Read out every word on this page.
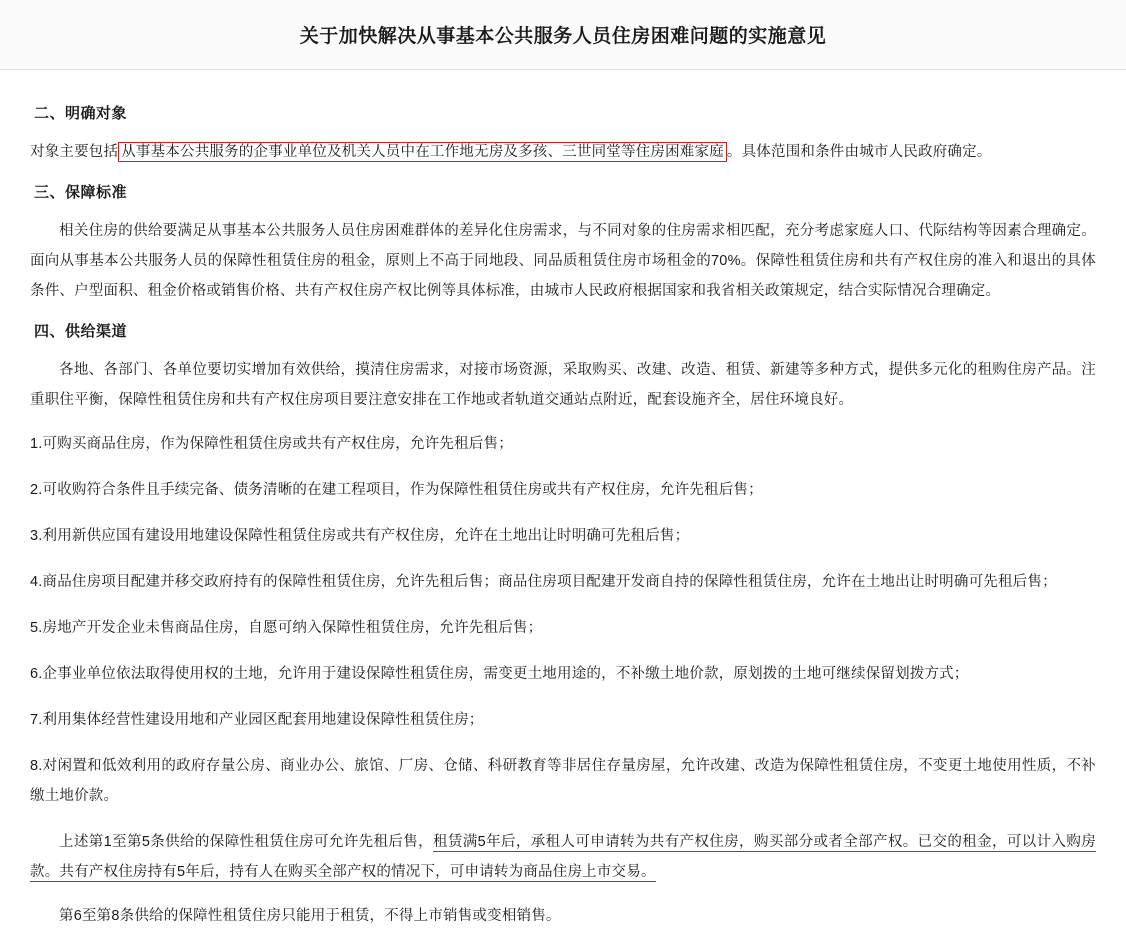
关于加快解决从事基本公共服务人员住房困难问题的实施意见
二、明确对象

对象主要包括 从事基本公共服务的企事业单位及机关人员中在工作地无房及多孩、三世同堂等住房困难家庭 。具体范围和条件由城市人民政府确定。

三、保障标准

相关住房的供给要满足从事基本公共服务人员住房困难群体的差异化住房需求，与不同对象的住房需求相匹配，充分考虑家庭人口、代际结构等因素合理确定。面向从事基本公共服务人员的保障性租赁住房的租金，原则上不高于同地段、同品质租赁住房市场租金的70%。保障性租赁住房和共有产权住房的准入和退出的具体条件、户型面积、租金价格或销售价格、共有产权住房产权比例等具体标准，由城市人民政府根据国家和我省相关政策规定，结合实际情况合理确定。

四、供给渠道

各地、各部门、各单位要切实增加有效供给，摸清住房需求，对接市场资源，采取购买、改建、改造、租赁、新建等多种方式，提供多元化的租购住房产品。注重职住平衡，保障性租赁住房和共有产权住房项目要注意安排在工作地或者轨道交通站点附近，配套设施齐全，居住环境良好。

1.可购买商品住房，作为保障性租赁住房或共有产权住房，允许先租后售；

2.可收购符合条件且手续完备、债务清晰的在建工程项目，作为保障性租赁住房或共有产权住房，允许先租后售；

3.利用新供应国有建设用地建设保障性租赁住房或共有产权住房，允许在土地出让时明确可先租后售；

4.商品住房项目配建并移交政府持有的保障性租赁住房，允许先租后售；商品住房项目配建开发商自持的保障性租赁住房，允许在土地出让时明确可先租后售；

5.房地产开发企业未售商品住房，自愿可纳入保障性租赁住房，允许先租后售；

6.企事业单位依法取得使用权的土地，允许用于建设保障性租赁住房，需变更土地用途的，不补缴土地价款，原划拨的土地可继续保留划拨方式；

7.利用集体经营性建设用地和产业园区配套用地建设保障性租赁住房；

8.对闲置和低效利用的政府存量公房、商业办公、旅馆、厂房、仓储、科研教育等非居住存量房屋，允许改建、改造为保障性租赁住房，不变更土地使用性质，不补缴土地价款。

上述第1至第5条供给的保障性租赁住房可允许先租后售，租赁满5年后，承租人可申请转为共有产权住房，购买部分或者全部产权。已交的租金，可以计入购房款。共有产权住房持有5年后，持有人在购买全部产权的情况下，可申请转为商品住房上市交易。

第6至第8条供给的保障性租赁住房只能用于租赁，不得上市销售或变相销售。
